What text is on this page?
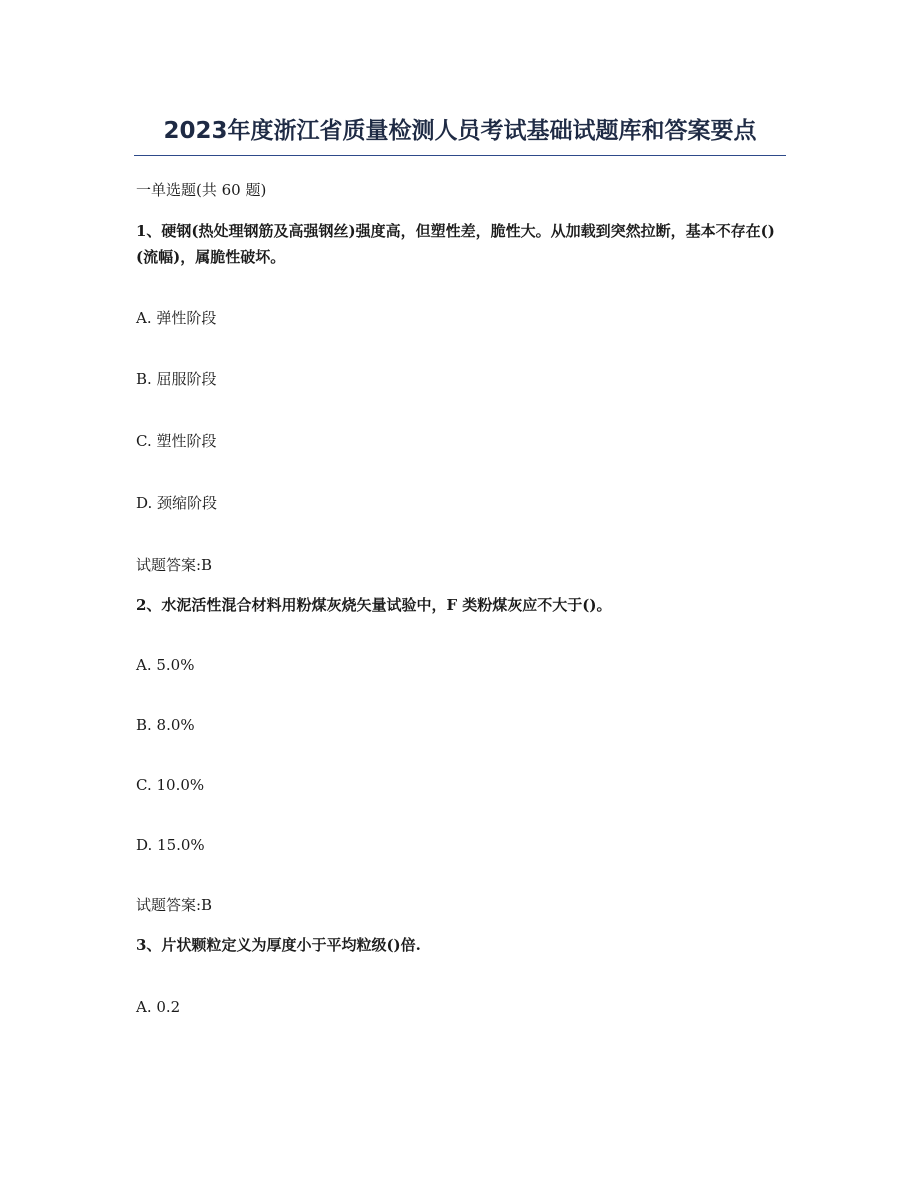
2023年度浙江省质量检测人员考试基础试题库和答案要点
一单选题(共 60 题)
1、硬钢(热处理钢筋及高强钢丝)强度高，但塑性差，脆性大。从加载到突然拉断，基本不存在()(流幅)，属脆性破坏。
A. 弹性阶段
B. 屈服阶段
C. 塑性阶段
D. 颈缩阶段
试题答案:B
2、水泥活性混合材料用粉煤灰烧矢量试验中，F 类粉煤灰应不大于()。
A. 5.0%
B. 8.0%
C. 10.0%
D. 15.0%
试题答案:B
3、片状颗粒定义为厚度小于平均粒级()倍.
A. 0.2
